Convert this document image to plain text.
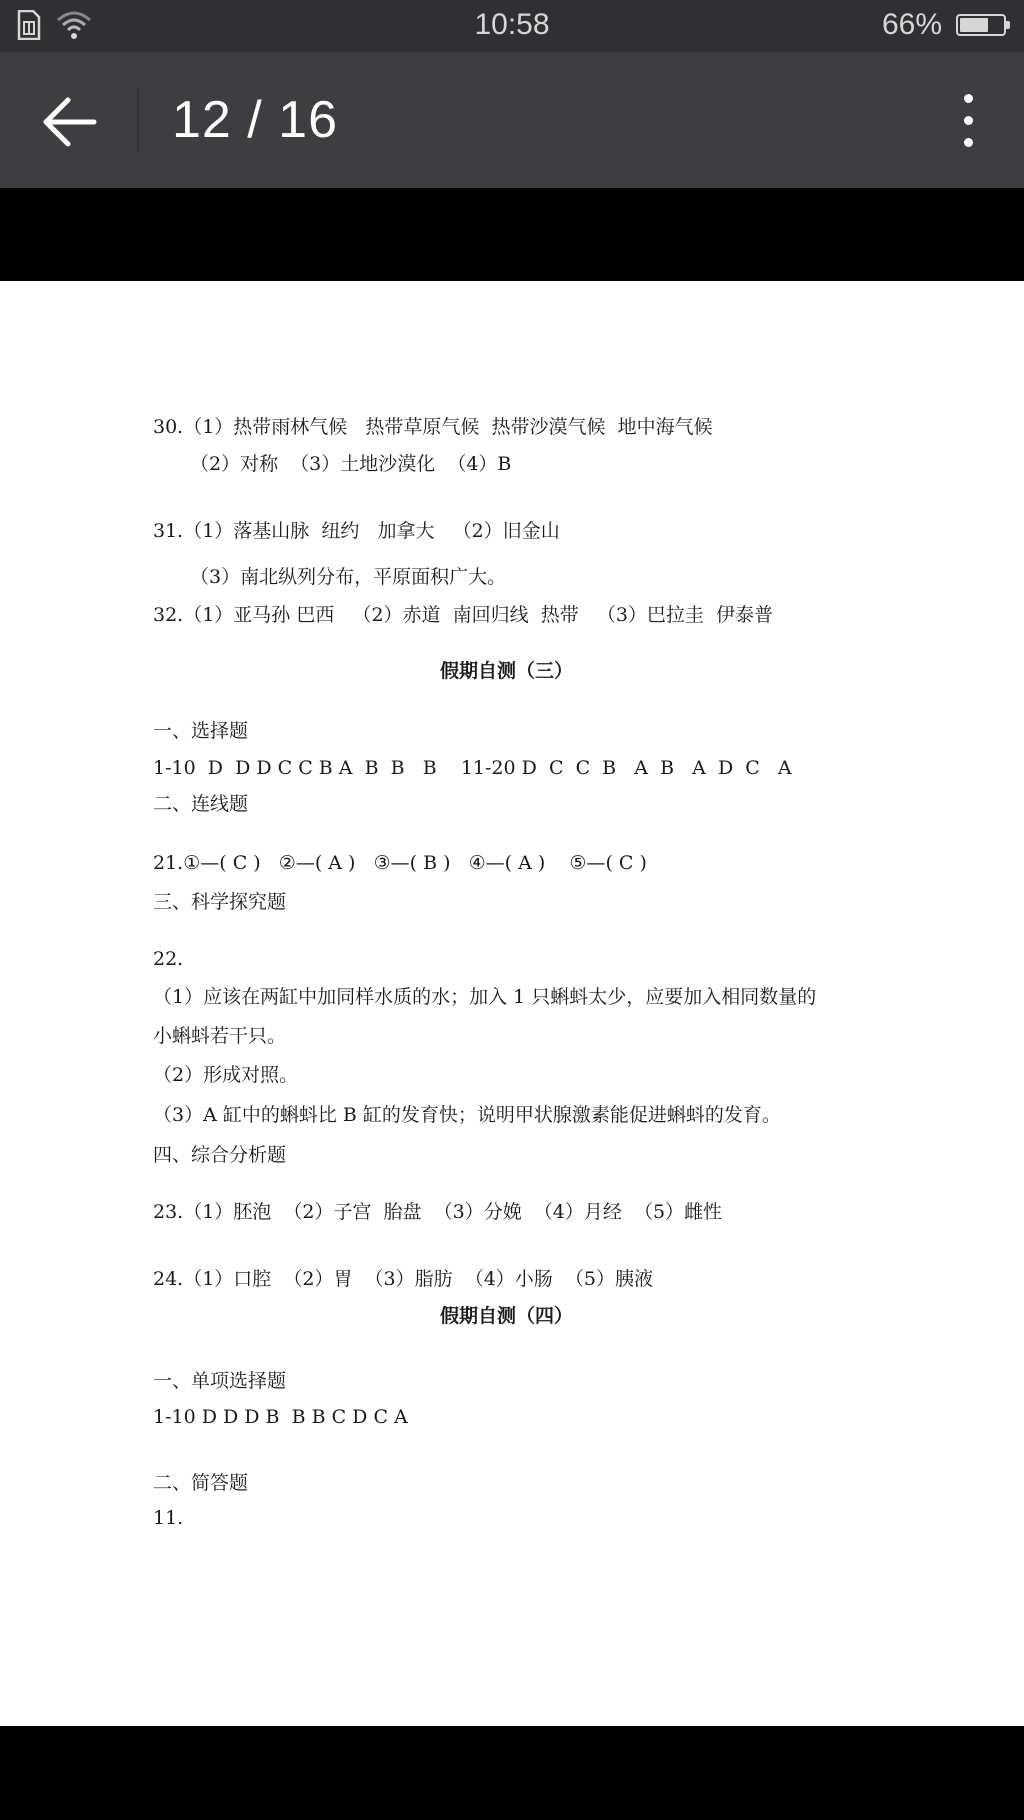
10:58	66%
12 / 16
30.（1）热带雨林气候   热带草原气候  热带沙漠气候  地中海气候
（2）对称  （3）土地沙漠化  （4）B
31.（1）落基山脉  纽约   加拿大   （2）旧金山
（3）南北纵列分布，平原面积广大。
32.（1）亚马孙 巴西   （2）赤道  南回归线  热带   （3）巴拉圭  伊泰普
假期自测（三）
一、选择题
1-10  D  D D C C B A  B  B   B    11-20 D  C  C  B   A  B   A  D  C   A
二、连线题
21.①—( C )   ②—( A )   ③—( B )   ④—( A )    ⑤—( C )
三、科学探究题
22.
（1）应该在两缸中加同样水质的水；加入 1 只蝌蚪太少，应要加入相同数量的
小蝌蚪若干只。
（2）形成对照。
（3）A 缸中的蝌蚪比 B 缸的发育快；说明甲状腺激素能促进蝌蚪的发育。
四、综合分析题
23.（1）胚泡  （2）子宫  胎盘  （3）分娩  （4）月经  （5）雌性
24.（1）口腔  （2）胃  （3）脂肪  （4）小肠  （5）胰液
假期自测（四）
一、单项选择题
1-10 D D D B  B B C D C A
二、简答题
11.
